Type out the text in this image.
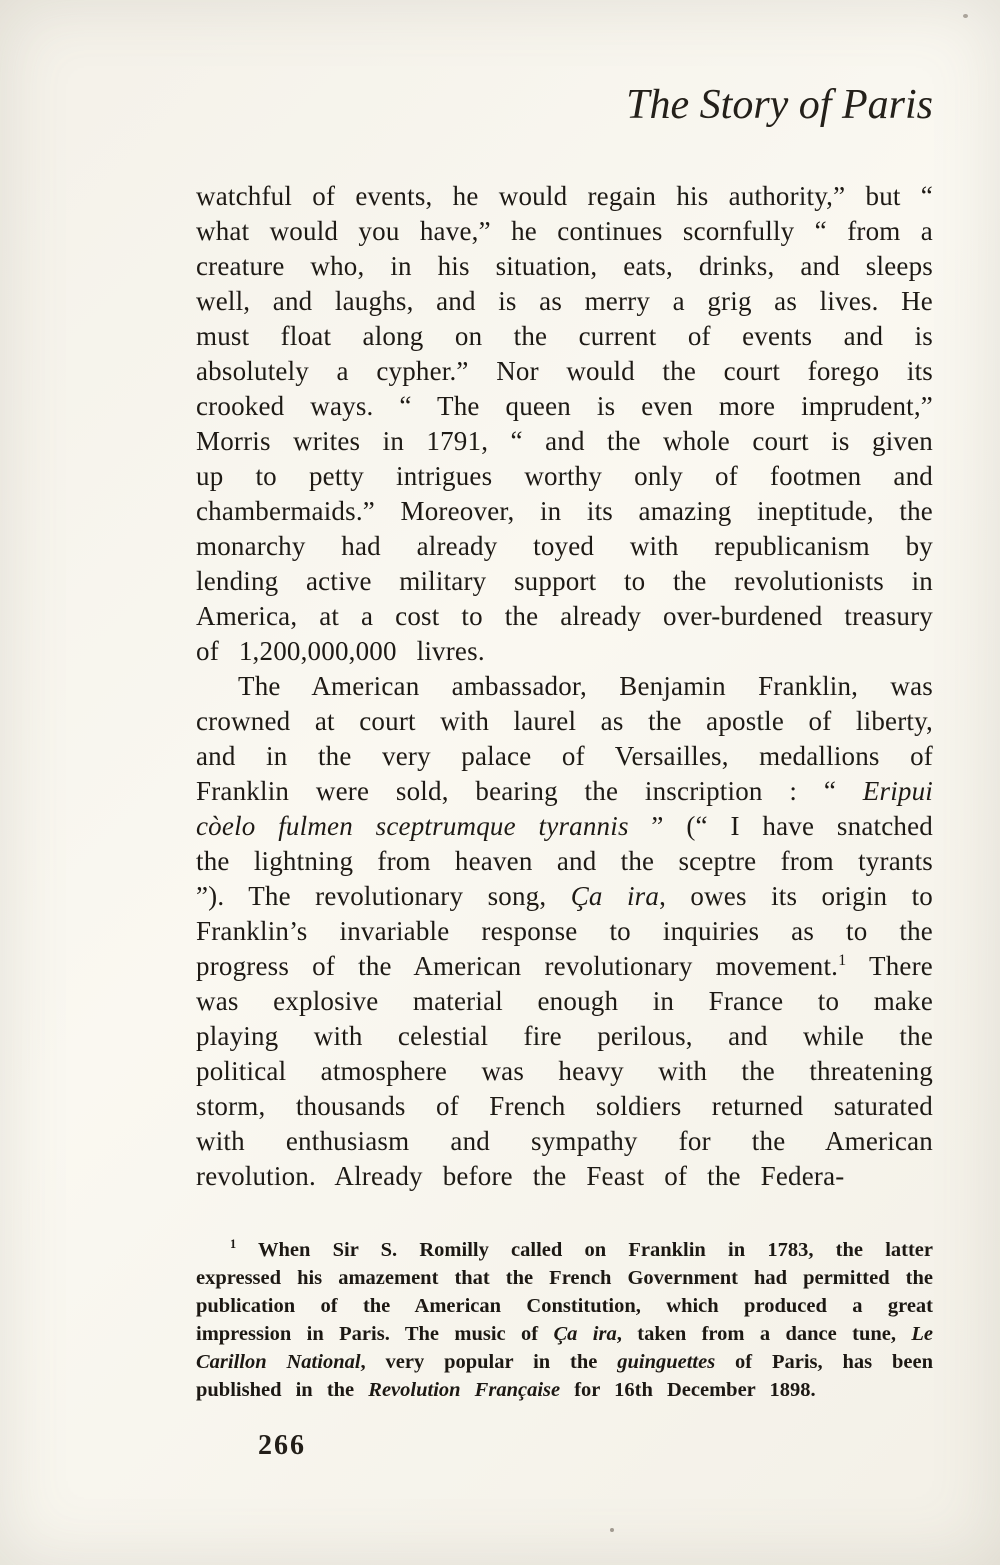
The Story of Paris

watchful of events, he would regain his authority,” but “ what would you have,” he continues scornfully “ from a creature who, in his situation, eats, drinks, and sleeps well, and laughs, and is as merry a grig as lives. He must float along on the current of events and is absolutely a cypher.” Nor would the court forego its crooked ways. “ The queen is even more imprudent,” Morris writes in 1791, “ and the whole court is given up to petty intrigues worthy only of footmen and chambermaids.” Moreover, in its amazing ineptitude, the monarchy had already toyed with republicanism by lending active military support to the revolutionists in America, at a cost to the already over-burdened treasury of 1,200,000,000 livres.

The American ambassador, Benjamin Franklin, was crowned at court with laurel as the apostle of liberty, and in the very palace of Versailles, medallions of Franklin were sold, bearing the inscription : “ Eripui còelo fulmen sceptrumque tyrannis ” (“ I have snatched the lightning from heaven and the sceptre from tyrants ”). The revolutionary song, Ça ira, owes its origin to Franklin’s invariable response to inquiries as to the progress of the American revolutionary movement.$^1$ There was explosive material enough in France to make playing with celestial fire perilous, and while the political atmosphere was heavy with the threatening storm, thousands of French soldiers returned saturated with enthusiasm and sympathy for the American revolution. Already before the Feast of the Federa-

$^1$ When Sir S. Romilly called on Franklin in 1783, the latter expressed his amazement that the French Government had permitted the publication of the American Constitution, which produced a great impression in Paris. The music of Ça ira, taken from a dance tune, Le Carillon National, very popular in the guinguettes of Paris, has been published in the Revolution Française for 16th December 1898.
266
